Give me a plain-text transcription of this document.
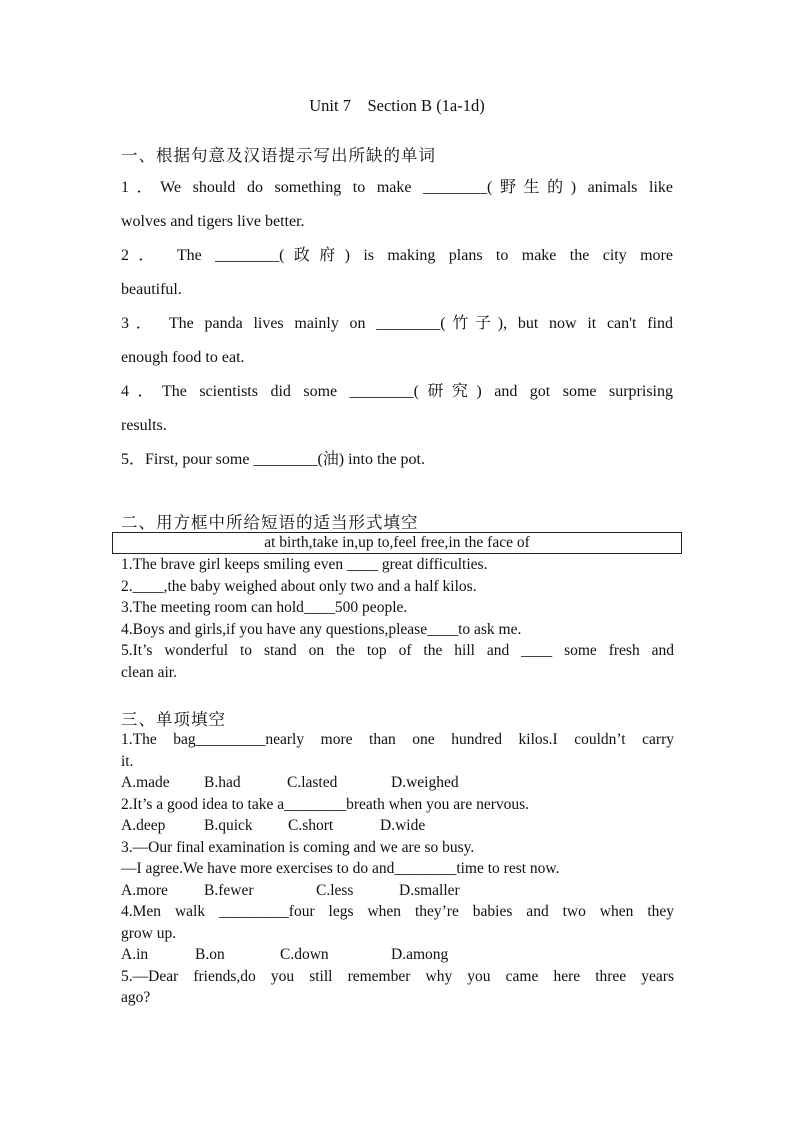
Unit 7    Section B (1a-1d)
一、根据句意及汉语提示写出所缺的单词
1．We should do something to make ________(野生的) animals like
wolves and tigers live better.
2． The ________(政府) is making plans to make the city more
beautiful.
3． The panda lives mainly on ________(竹子), but now it can't find
enough food to eat.
4．The scientists did some ________(研究) and got some surprising
results.
5．First, pour some ________(油) into the pot.
二、用方框中所给短语的适当形式填空
at birth,take in,up to,feel free,in the face of
1.The brave girl keeps smiling even ____ great difficulties.
2.____,the baby weighed about only two and a half kilos.
3.The meeting room can hold____500 people.
4.Boys and girls,if you have any questions,please____to ask me.
5.It’s wonderful to stand on the top of the hill and ____ some fresh and
clean air.
三、单项填空
1.The bag_________nearly more than one hundred kilos.I couldn’t carry
it.
A.made B.had	C.lasted	D.weighed
2.It’s a good idea to take a________breath when you are nervous.
A.deep B.quick C.short	D.wide
3.—Our final examination is coming and we are so busy.
—I agree.We have more exercises to do and________time to rest now.
A.more B.fewer	C.less	D.smaller
4.Men walk _________four legs when they’re babies and two when they
grow up.
A.in	B.on	C.down	D.among
5.—Dear friends,do you still remember why you came here three years
ago?
